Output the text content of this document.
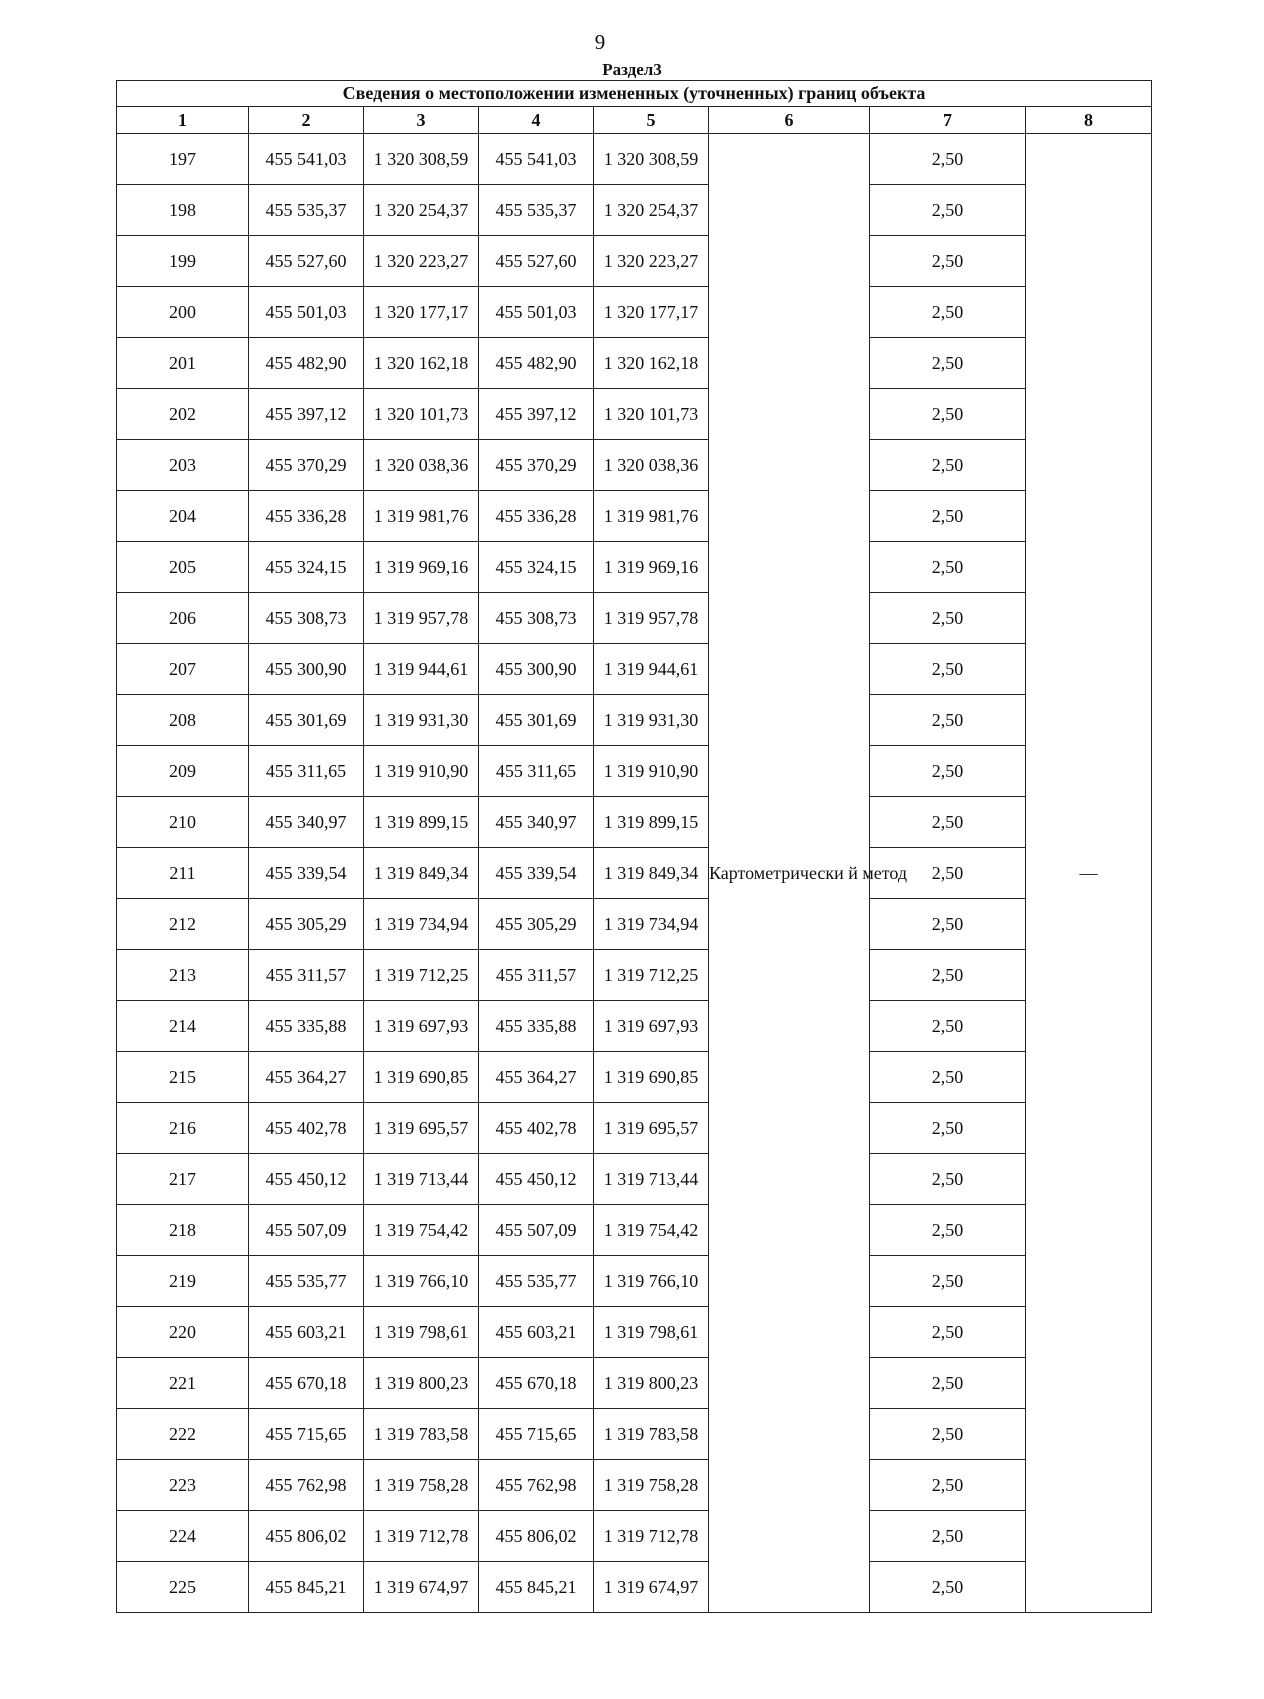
9
Раздел3
Сведения о местоположении измененных (уточненных) границ объекта							
1	2	3	4	5	6	7	8
197	455 541,03	1 320 308,59	455 541,03	1 320 308,59	Картометрически й метод	2,50	—
198	455 535,37	1 320 254,37	455 535,37	1 320 254,37		2,50	
199	455 527,60	1 320 223,27	455 527,60	1 320 223,27		2,50	
200	455 501,03	1 320 177,17	455 501,03	1 320 177,17		2,50	
201	455 482,90	1 320 162,18	455 482,90	1 320 162,18		2,50	
202	455 397,12	1 320 101,73	455 397,12	1 320 101,73		2,50	
203	455 370,29	1 320 038,36	455 370,29	1 320 038,36		2,50	
204	455 336,28	1 319 981,76	455 336,28	1 319 981,76		2,50	
205	455 324,15	1 319 969,16	455 324,15	1 319 969,16		2,50	
206	455 308,73	1 319 957,78	455 308,73	1 319 957,78		2,50	
207	455 300,90	1 319 944,61	455 300,90	1 319 944,61		2,50	
208	455 301,69	1 319 931,30	455 301,69	1 319 931,30		2,50	
209	455 311,65	1 319 910,90	455 311,65	1 319 910,90		2,50	
210	455 340,97	1 319 899,15	455 340,97	1 319 899,15		2,50	
211	455 339,54	1 319 849,34	455 339,54	1 319 849,34		2,50	
212	455 305,29	1 319 734,94	455 305,29	1 319 734,94		2,50	
213	455 311,57	1 319 712,25	455 311,57	1 319 712,25		2,50	
214	455 335,88	1 319 697,93	455 335,88	1 319 697,93		2,50	
215	455 364,27	1 319 690,85	455 364,27	1 319 690,85		2,50	
216	455 402,78	1 319 695,57	455 402,78	1 319 695,57		2,50	
217	455 450,12	1 319 713,44	455 450,12	1 319 713,44		2,50	
218	455 507,09	1 319 754,42	455 507,09	1 319 754,42		2,50	
219	455 535,77	1 319 766,10	455 535,77	1 319 766,10		2,50	
220	455 603,21	1 319 798,61	455 603,21	1 319 798,61		2,50	
221	455 670,18	1 319 800,23	455 670,18	1 319 800,23		2,50	
222	455 715,65	1 319 783,58	455 715,65	1 319 783,58		2,50	
223	455 762,98	1 319 758,28	455 762,98	1 319 758,28		2,50	
224	455 806,02	1 319 712,78	455 806,02	1 319 712,78		2,50	
225	455 845,21	1 319 674,97	455 845,21	1 319 674,97		2,50	
